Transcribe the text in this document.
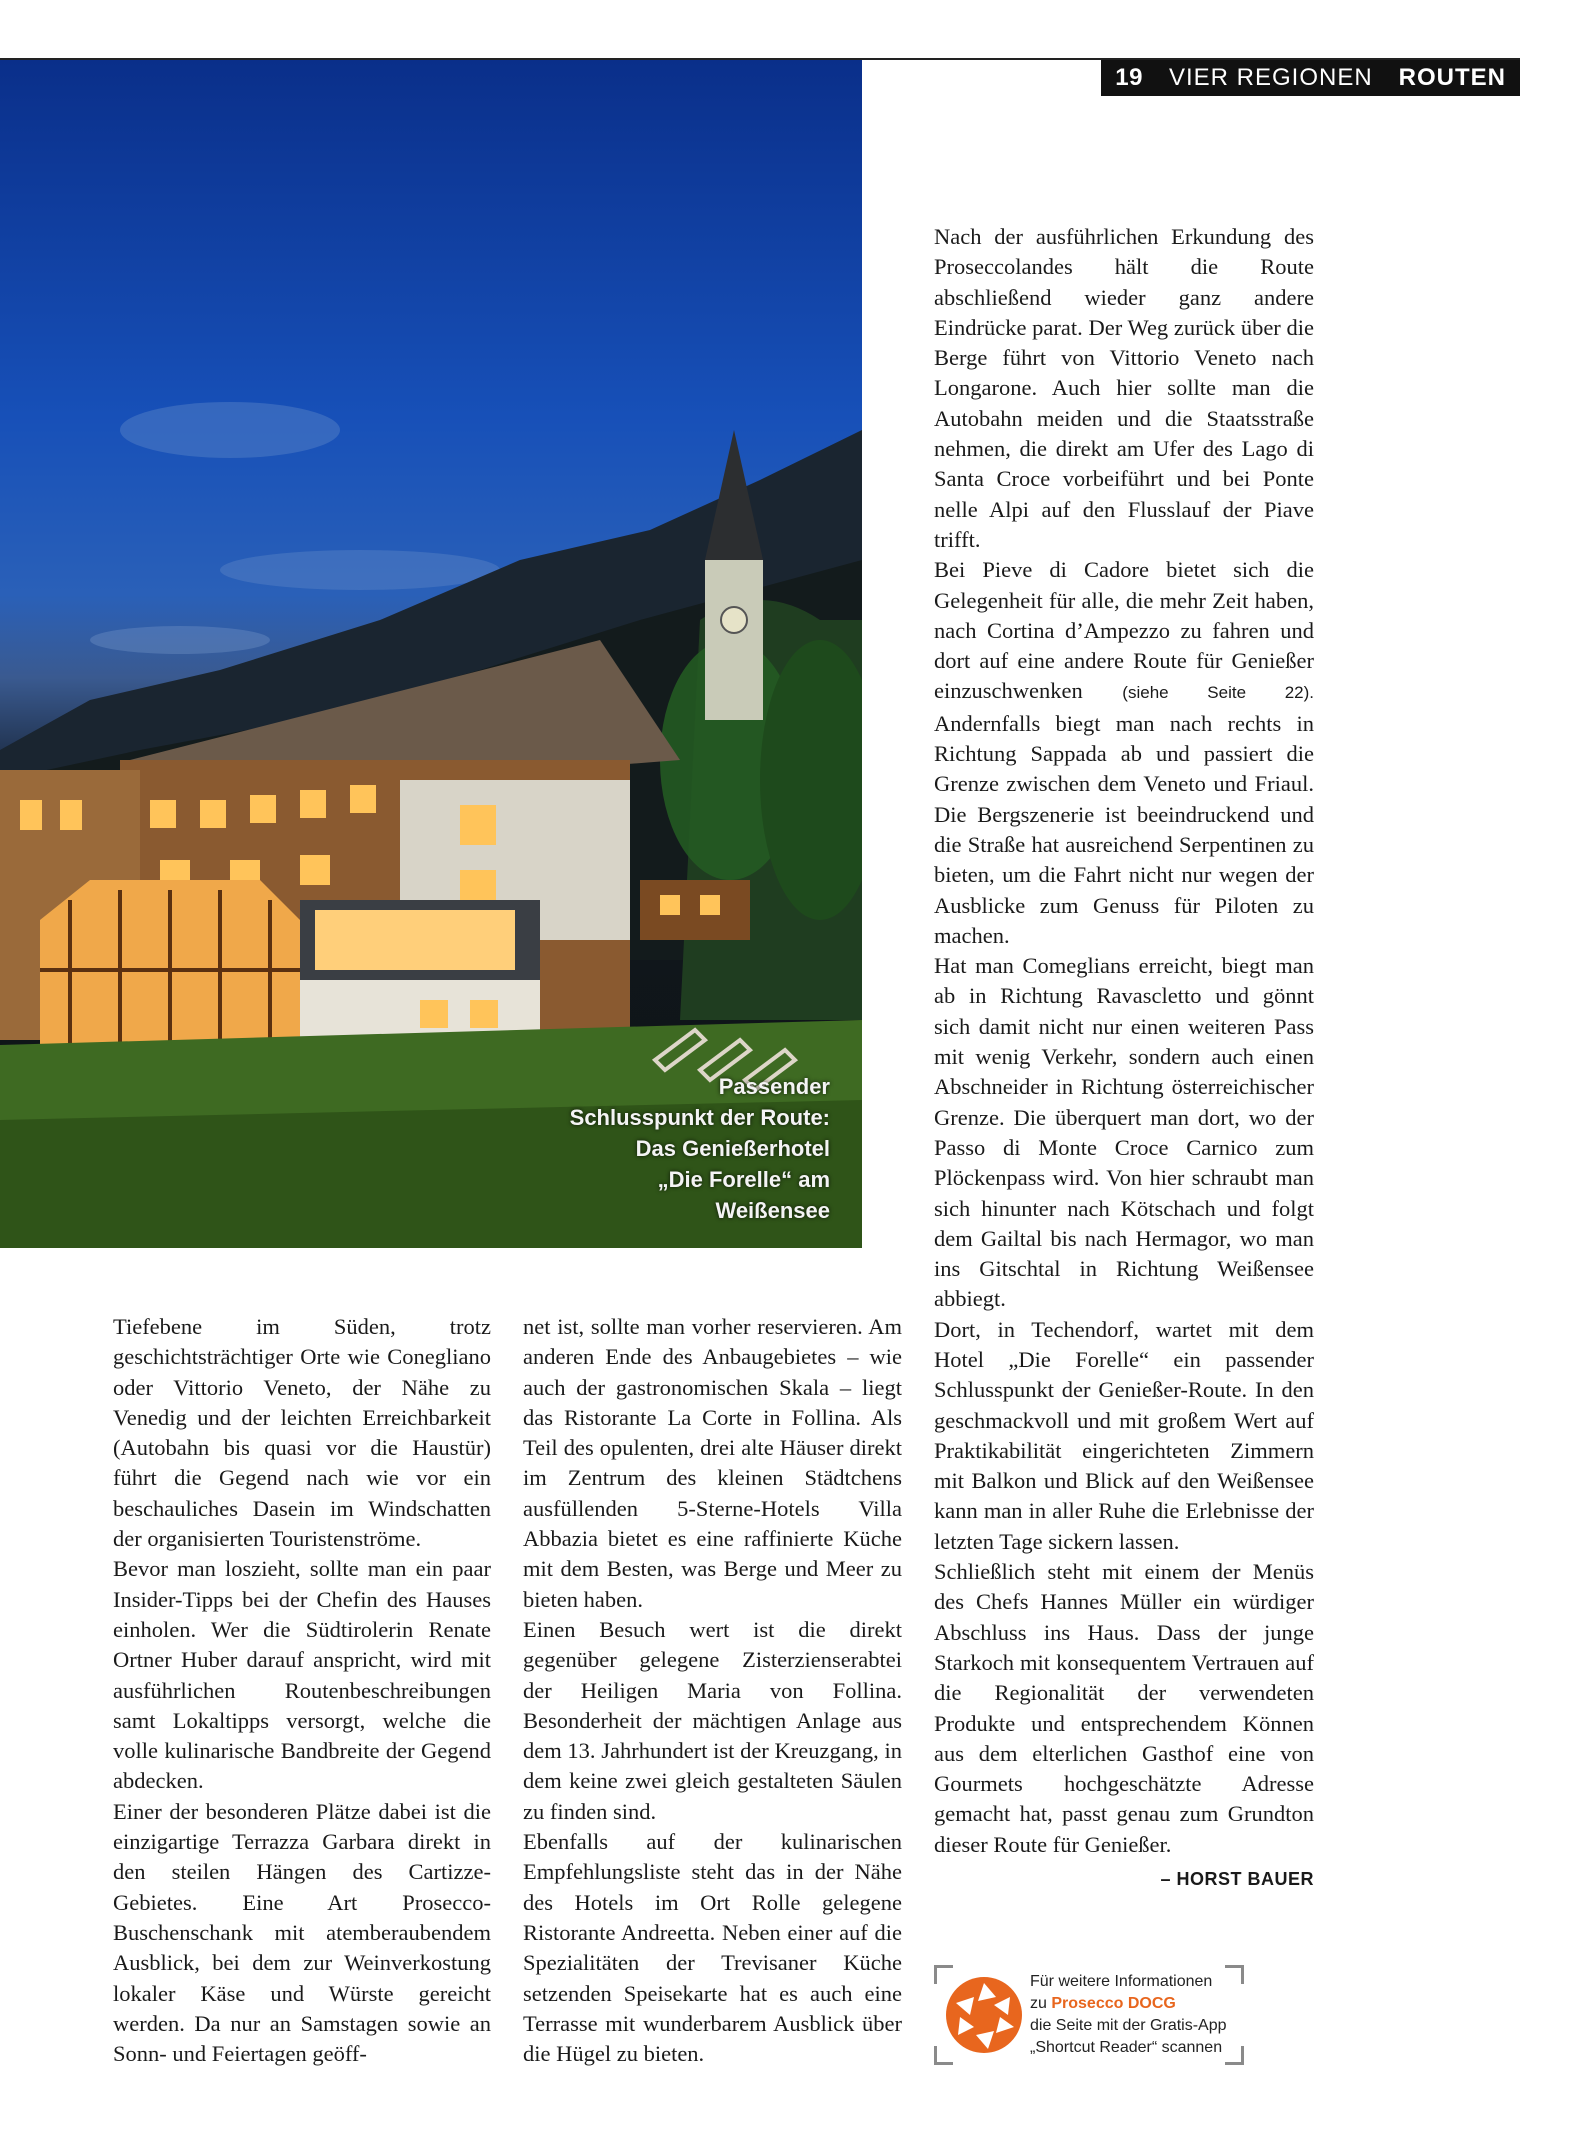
19 VIER REGIONEN ROUTEN
Passender
Schlusspunkt der Route:
Das Genießerhotel
„Die Forelle“ am
Weißensee

Tiefebene im Süden, trotz geschichtsträchtiger Orte wie Conegliano oder Vittorio Veneto, der Nähe zu Venedig und der leichten Erreichbarkeit (Autobahn bis quasi vor die Haustür) führt die Gegend nach wie vor ein beschauliches Dasein im Windschatten der organisierten Touristenströme.

Bevor man loszieht, sollte man ein paar Insider-Tipps bei der Chefin des Hauses einholen. Wer die Südtirolerin Renate Ortner Huber darauf anspricht, wird mit ausführlichen Routenbeschreibungen samt Lokaltipps versorgt, welche die volle kulinarische Bandbreite der Gegend abdecken.

Einer der besonderen Plätze dabei ist die einzigartige Terrazza Garbara direkt in den steilen Hängen des Cartizze-Gebietes. Eine Art Prosecco-Buschenschank mit atemberaubendem Ausblick, bei dem zur Weinverkostung lokaler Käse und Würste gereicht werden. Da nur an Samstagen sowie an Sonn- und Feiertagen geöff-

net ist, sollte man vorher reservieren. Am anderen Ende des Anbaugebietes – wie auch der gastronomischen Skala – liegt das Ristorante La Corte in Follina. Als Teil des opulenten, drei alte Häuser direkt im Zentrum des kleinen Städtchens ausfüllenden 5-Sterne-Hotels Villa Abbazia bietet es eine raffinierte Küche mit dem Besten, was Berge und Meer zu bieten haben.

Einen Besuch wert ist die direkt gegenüber gelegene Zisterzienserabtei der Heiligen Maria von Follina. Besonderheit der mächtigen Anlage aus dem 13. Jahrhundert ist der Kreuzgang, in dem keine zwei gleich gestalteten Säulen zu finden sind.

Ebenfalls auf der kulinarischen Empfehlungsliste steht das in der Nähe des Hotels im Ort Rolle gelegene Ristorante Andreetta. Neben einer auf die Spezialitäten der Trevisaner Küche setzenden Speisekarte hat es auch eine Terrasse mit wunderbarem Ausblick über die Hügel zu bieten.

Nach der ausführlichen Erkundung des Proseccolandes hält die Route abschließend wieder ganz andere Eindrücke parat. Der Weg zurück über die Berge führt von Vittorio Veneto nach Longarone. Auch hier sollte man die Autobahn meiden und die Staatsstraße nehmen, die direkt am Ufer des Lago di Santa Croce vorbeiführt und bei Ponte nelle Alpi auf den Flusslauf der Piave trifft.

Bei Pieve di Cadore bietet sich die Gelegenheit für alle, die mehr Zeit haben, nach Cortina d’Ampezzo zu fahren und dort auf eine andere Route für Genießer einzuschwenken (siehe Seite 22). Andernfalls biegt man nach rechts in Richtung Sappada ab und passiert die Grenze zwischen dem Veneto und Friaul. Die Bergszenerie ist beeindruckend und die Straße hat ausreichend Serpentinen zu bieten, um die Fahrt nicht nur wegen der Ausblicke zum Genuss für Piloten zu machen.

Hat man Comeglians erreicht, biegt man ab in Richtung Ravascletto und gönnt sich damit nicht nur einen weiteren Pass mit wenig Verkehr, sondern auch einen Abschneider in Richtung österreichischer Grenze. Die überquert man dort, wo der Passo di Monte Croce Carnico zum Plöckenpass wird. Von hier schraubt man sich hinunter nach Kötschach und folgt dem Gailtal bis nach Hermagor, wo man ins Gitschtal in Richtung Weißensee abbiegt.

Dort, in Techendorf, wartet mit dem Hotel „Die Forelle“ ein passender Schlusspunkt der Genießer-Route. In den geschmackvoll und mit großem Wert auf Praktikabilität eingerichteten Zimmern mit Balkon und Blick auf den Weißensee kann man in aller Ruhe die Erlebnisse der letzten Tage sickern lassen.

Schließlich steht mit einem der Menüs des Chefs Hannes Müller ein würdiger Abschluss ins Haus. Dass der junge Starkoch mit konsequentem Vertrauen auf die Regionalität der verwendeten Produkte und entsprechendem Können aus dem elterlichen Gasthof eine von Gourmets hochgeschätzte Adresse gemacht hat, passt genau zum Grundton dieser Route für Genießer.

– HORST BAUER
Für weitere Informationen
zu Prosecco DOCG
die Seite mit der Gratis-App
„Shortcut Reader“ scannen
